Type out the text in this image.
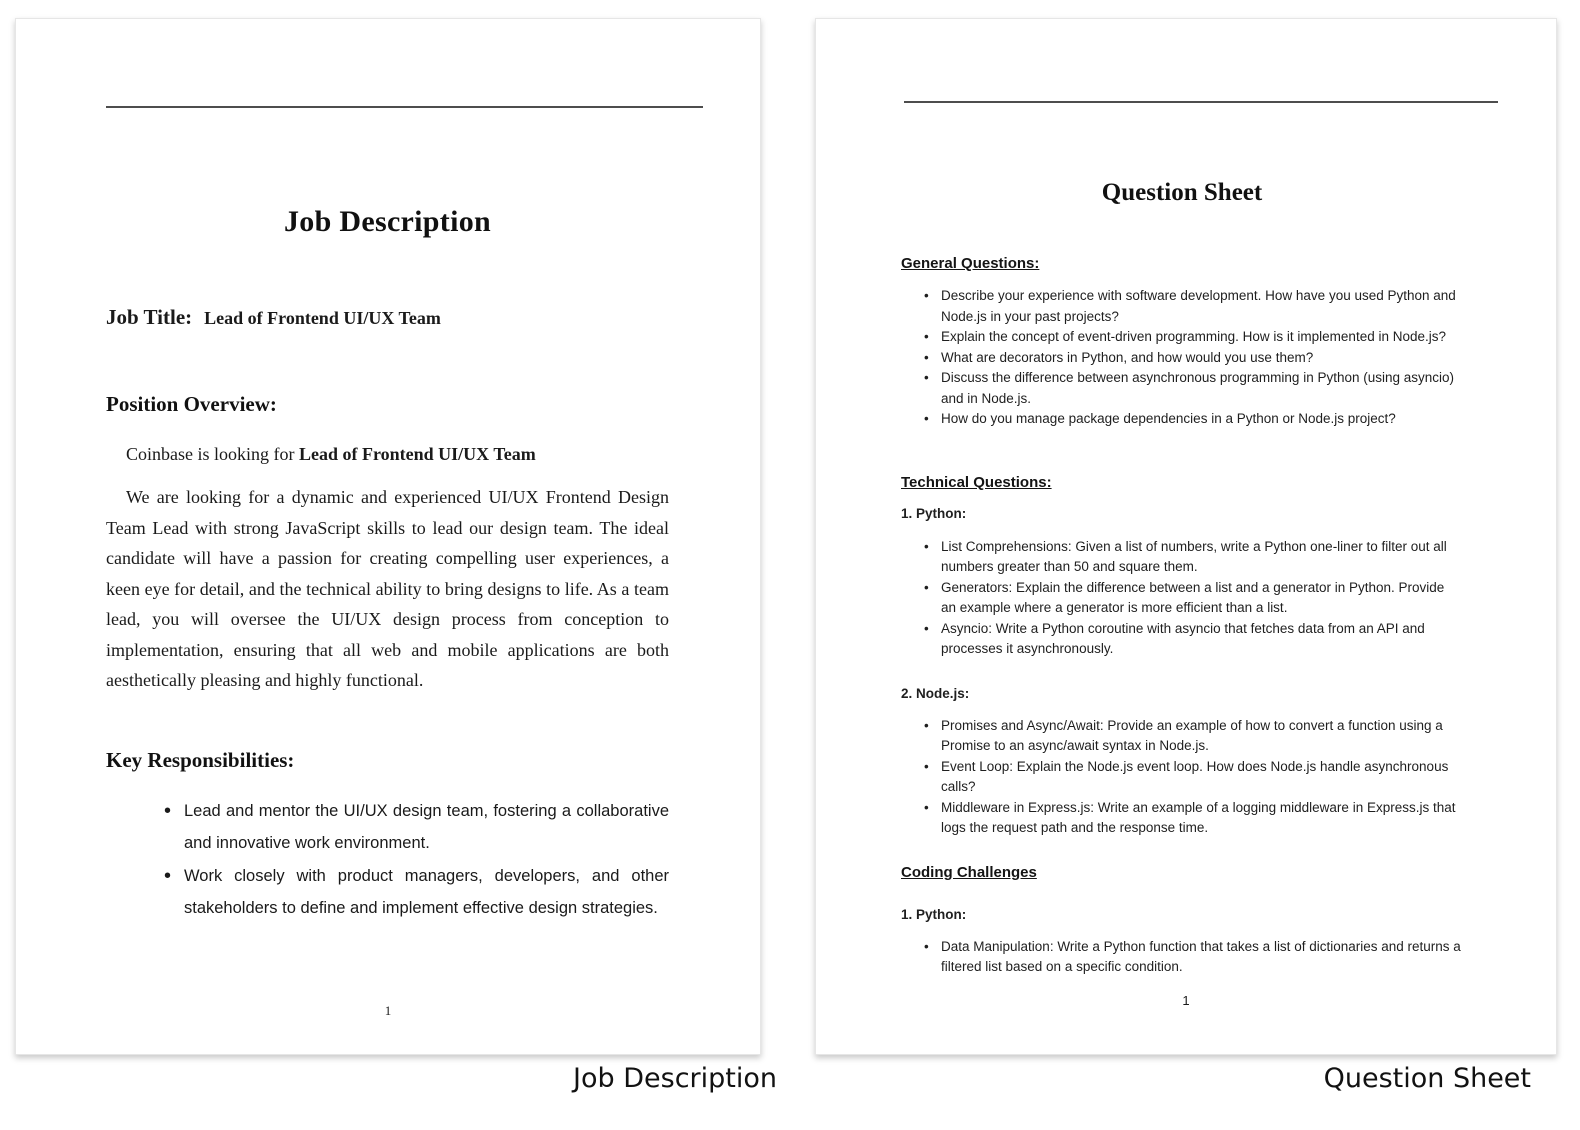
Job Description
Job Title: Lead of Frontend UI/UX Team
Position Overview:

Coinbase is looking for Lead of Frontend UI/UX Team

We are looking for a dynamic and experienced UI/UX Frontend Design Team Lead with strong JavaScript skills to lead our design team. The ideal candidate will have a passion for creating compelling user experiences, a keen eye for detail, and the technical ability to bring designs to life. As a team lead, you will oversee the UI/UX design process from conception to implementation, ensuring that all web and mobile applications are both aesthetically pleasing and highly functional.

Key Responsibilities:
• Lead and mentor the UI/UX design team, fostering a collaborative and innovative work environment.
• Work closely with product managers, developers, and other stakeholders to define and implement effective design strategies.
1
Question Sheet
General Questions:
• Describe your experience with software development. How have you used Python and Node.js in your past projects?
• Explain the concept of event-driven programming. How is it implemented in Node.js?
• What are decorators in Python, and how would you use them?
• Discuss the difference between asynchronous programming in Python (using asyncio) and in Node.js.
• How do you manage package dependencies in a Python or Node.js project?
Technical Questions:
1. Python:
• List Comprehensions: Given a list of numbers, write a Python one-liner to filter out all numbers greater than 50 and square them.
• Generators: Explain the difference between a list and a generator in Python. Provide an example where a generator is more efficient than a list.
• Asyncio: Write a Python coroutine with asyncio that fetches data from an API and processes it asynchronously.
2. Node.js:
• Promises and Async/Await: Provide an example of how to convert a function using a Promise to an async/await syntax in Node.js.
• Event Loop: Explain the Node.js event loop. How does Node.js handle asynchronous calls?
• Middleware in Express.js: Write an example of a logging middleware in Express.js that logs the request path and the response time.
Coding Challenges
1. Python:
• Data Manipulation: Write a Python function that takes a list of dictionaries and returns a filtered list based on a specific condition.
1
Job Description	Question Sheet
